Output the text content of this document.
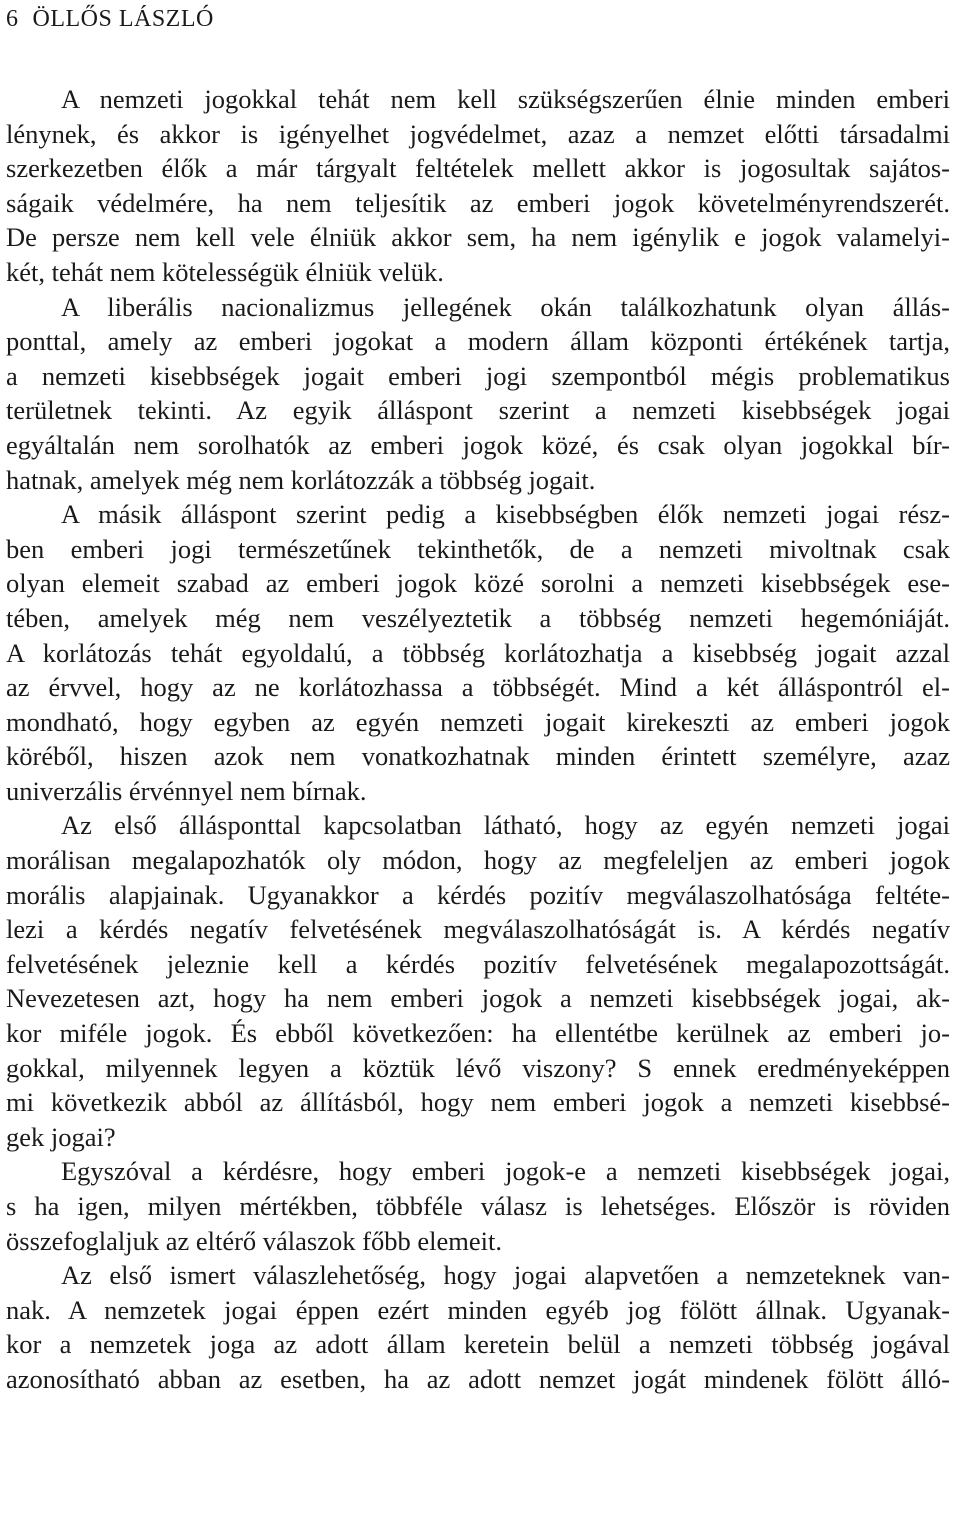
6 ÖLLŐS LÁSZLÓ
A nemzeti jogokkal tehát nem kell szükségszerűen élnie minden emberi
lénynek, és akkor is igényelhet jogvédelmet, azaz a nemzet előtti társadalmi
szerkezetben élők a már tárgyalt feltételek mellett akkor is jogosultak sajátos-
ságaik védelmére, ha nem teljesítik az emberi jogok követelményrendszerét.
De persze nem kell vele élniük akkor sem, ha nem igénylik e jogok valamelyi-
két, tehát nem kötelességük élniük velük.
A liberális nacionalizmus jellegének okán találkozhatunk olyan állás-
ponttal, amely az emberi jogokat a modern állam központi értékének tartja,
a nemzeti kisebbségek jogait emberi jogi szempontból mégis problematikus
területnek tekinti. Az egyik álláspont szerint a nemzeti kisebbségek jogai
egyáltalán nem sorolhatók az emberi jogok közé, és csak olyan jogokkal bír-
hatnak, amelyek még nem korlátozzák a többség jogait.
A másik álláspont szerint pedig a kisebbségben élők nemzeti jogai rész-
ben emberi jogi természetűnek tekinthetők, de a nemzeti mivoltnak csak
olyan elemeit szabad az emberi jogok közé sorolni a nemzeti kisebbségek ese-
tében, amelyek még nem veszélyeztetik a többség nemzeti hegemóniáját.
A korlátozás tehát egyoldalú, a többség korlátozhatja a kisebbség jogait azzal
az érvvel, hogy az ne korlátozhassa a többségét. Mind a két álláspontról el-
mondható, hogy egyben az egyén nemzeti jogait kirekeszti az emberi jogok
köréből, hiszen azok nem vonatkozhatnak minden érintett személyre, azaz
univerzális érvénnyel nem bírnak.
Az első állásponttal kapcsolatban látható, hogy az egyén nemzeti jogai
morálisan megalapozhatók oly módon, hogy az megfeleljen az emberi jogok
morális alapjainak. Ugyanakkor a kérdés pozitív megválaszolhatósága feltéte-
lezi a kérdés negatív felvetésének megválaszolhatóságát is. A kérdés negatív
felvetésének jeleznie kell a kérdés pozitív felvetésének megalapozottságát.
Nevezetesen azt, hogy ha nem emberi jogok a nemzeti kisebbségek jogai, ak-
kor miféle jogok. És ebből következően: ha ellentétbe kerülnek az emberi jo-
gokkal, milyennek legyen a köztük lévő viszony? S ennek eredményeképpen
mi következik abból az állításból, hogy nem emberi jogok a nemzeti kisebbsé-
gek jogai?
Egyszóval a kérdésre, hogy emberi jogok-e a nemzeti kisebbségek jogai,
s ha igen, milyen mértékben, többféle válasz is lehetséges. Először is röviden
összefoglaljuk az eltérő válaszok főbb elemeit.
Az első ismert válaszlehetőség, hogy jogai alapvetően a nemzeteknek van-
nak. A nemzetek jogai éppen ezért minden egyéb jog fölött állnak. Ugyanak-
kor a nemzetek joga az adott állam keretein belül a nemzeti többség jogával
azonosítható abban az esetben, ha az adott nemzet jogát mindenek fölött álló-
